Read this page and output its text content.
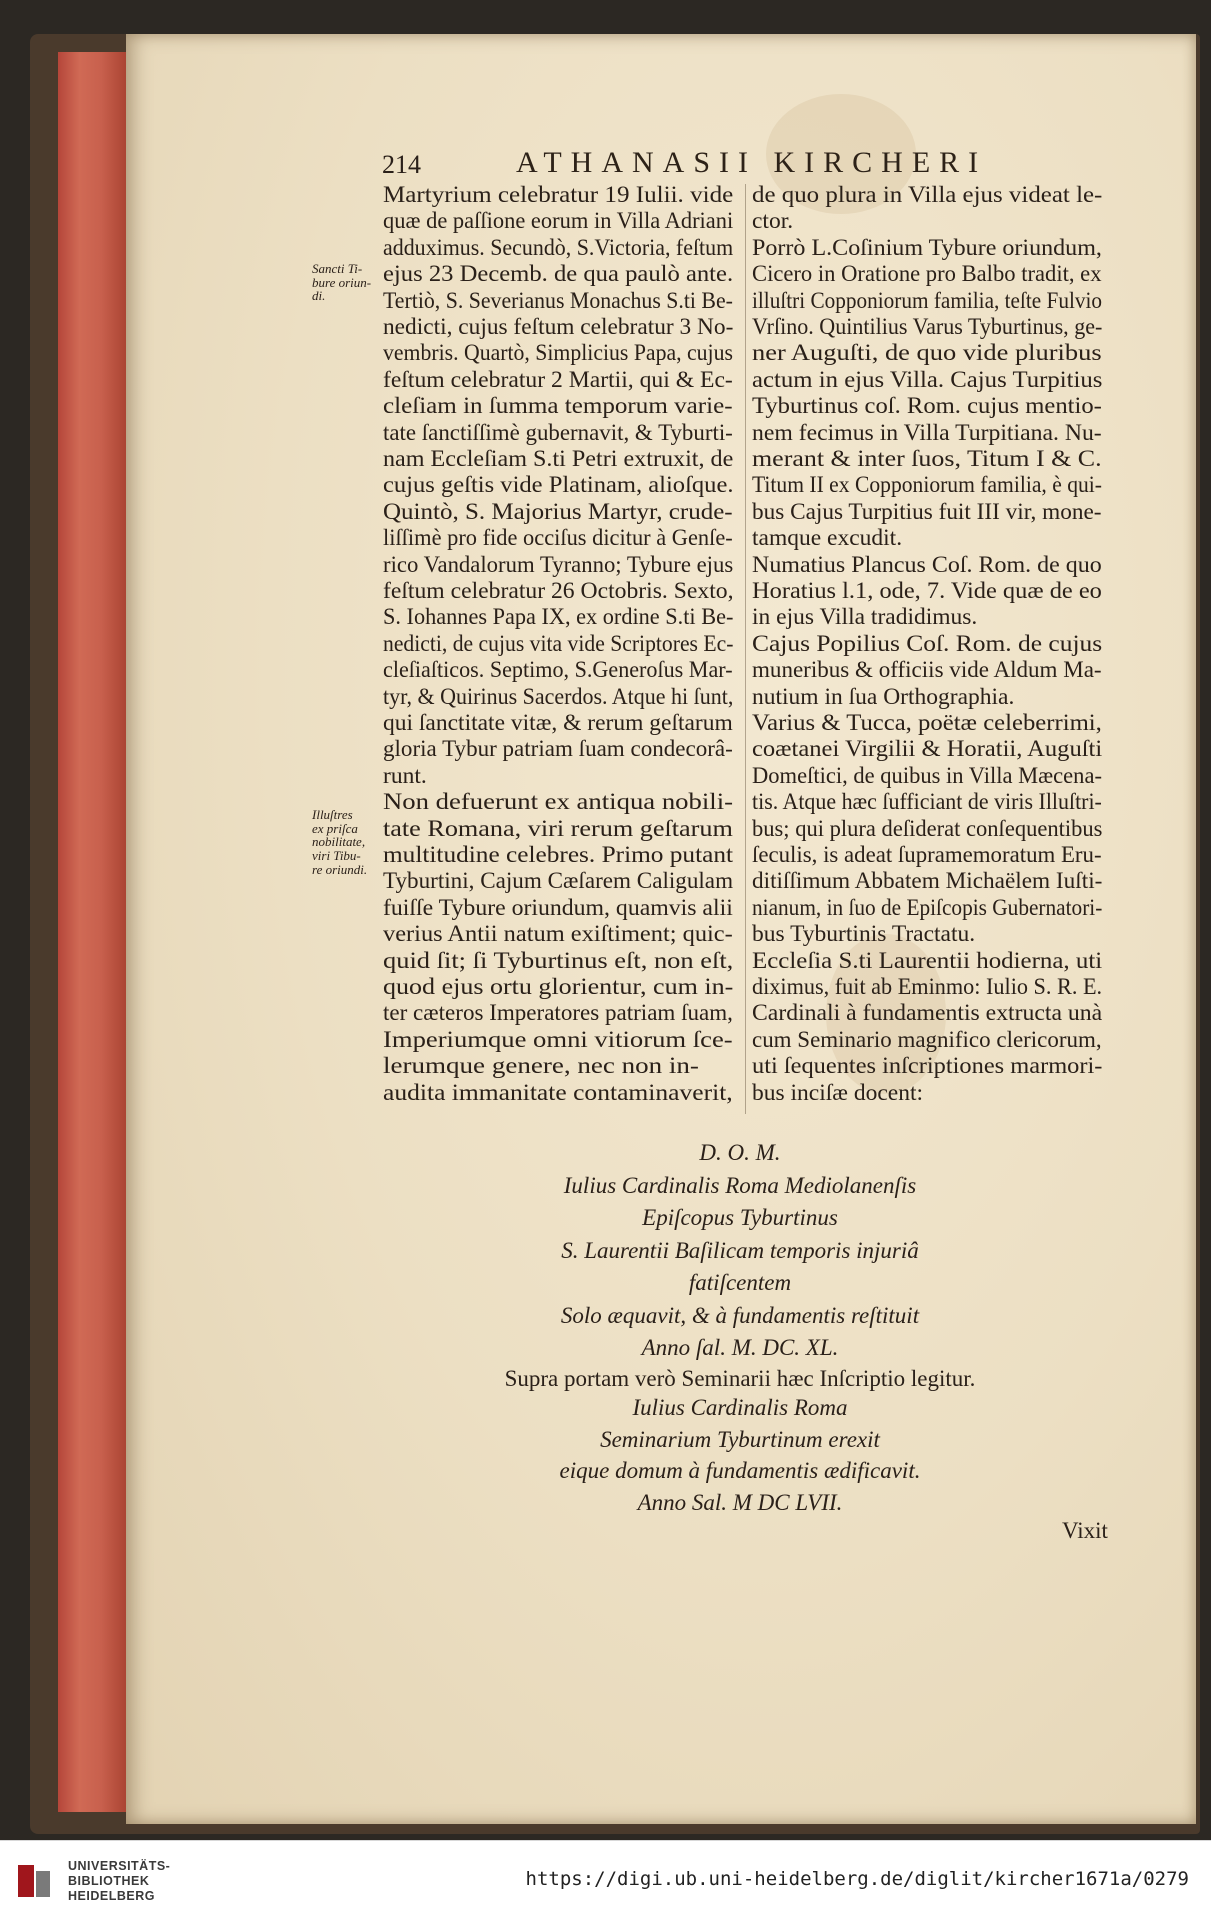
214	ATHANASII KIRCHERI
Martyrium celebratur 19 Iulii. vide
quæ de paſſione eorum in Villa Adriani
adduximus. Secundò, S.Victoria, feſtum
ejus 23 Decemb. de qua paulò ante.
Tertiò, S. Severianus Monachus S.ti Be-
nedicti, cujus feſtum celebratur 3 No-
vembris. Quartò, Simplicius Papa, cujus
feſtum celebratur 2 Martii, qui & Ec-
cleſiam in ſumma temporum varie-
tate ſanctiſſimè gubernavit, & Tyburti-
nam Eccleſiam S.ti Petri extruxit, de
cujus geſtis vide Platinam, alioſque.
Quintò, S. Majorius Martyr, crude-
liſſimè pro fide occiſus dicitur à Genſe-
rico Vandalorum Tyranno; Tybure ejus
feſtum celebratur 26 Octobris. Sexto,
S. Iohannes Papa IX, ex ordine S.ti Be-
nedicti, de cujus vita vide Scriptores Ec-
cleſiaſticos. Septimo, S.Generoſus Mar-
tyr, & Quirinus Sacerdos. Atque hi ſunt,
qui ſanctitate vitæ, & rerum geſtarum
gloria Tybur patriam ſuam condecorâ-
runt.
Non defuerunt ex antiqua nobili-
tate Romana, viri rerum geſtarum
multitudine celebres. Primo putant
Tyburtini, Cajum Cæſarem Caligulam
fuiſſe Tybure oriundum, quamvis alii
verius Antii natum exiſtiment; quic-
quid ſit; ſi Tyburtinus eſt, non eſt,
quod ejus ortu glorientur, cum in-
ter cæteros Imperatores patriam ſuam,
Imperiumque omni vitiorum ſce-
lerumque genere, nec non in-
audita immanitate contaminaverit,
de quo plura in Villa ejus videat le-
ctor.
Porrò L.Coſinium Tybure oriundum,
Cicero in Oratione pro Balbo tradit, ex
illuſtri Copponiorum familia, teſte Fulvio
Vrſino. Quintilius Varus Tyburtinus, ge-
ner Auguſti, de quo vide pluribus
actum in ejus Villa. Cajus Turpitius
Tyburtinus coſ. Rom. cujus mentio-
nem fecimus in Villa Turpitiana. Nu-
merant & inter ſuos, Titum I & C.
Titum II ex Copponiorum familia, è qui-
bus Cajus Turpitius fuit III vir, mone-
tamque excudit.
Numatius Plancus Coſ. Rom. de quo
Horatius l.1, ode, 7. Vide quæ de eo
in ejus Villa tradidimus.
Cajus Popilius Coſ. Rom. de cujus
muneribus & officiis vide Aldum Ma-
nutium in ſua Orthographia.
Varius & Tucca, poëtæ celeberrimi,
coætanei Virgilii & Horatii, Auguſti
Domeſtici, de quibus in Villa Mæcena-
tis. Atque hæc ſufficiant de viris Illuſtri-
bus; qui plura deſiderat conſequentibus
ſeculis, is adeat ſupramemoratum Eru-
ditiſſimum Abbatem Michaëlem Iuſti-
nianum, in ſuo de Epiſcopis Gubernatori-
bus Tyburtinis Tractatu.
Eccleſia S.ti Laurentii hodierna, uti
diximus, fuit ab Eminmo: Iulio S. R. E.
Cardinali à fundamentis extructa unà
cum Seminario magnifico clericorum,
uti ſequentes inſcriptiones marmori-
bus inciſæ docent:
Sancti Ti-
bure oriun-
di.
Illuſtres
ex priſca
nobilitate,
viri Tibu-
re oriundi.
D. O. M.
Iulius Cardinalis Roma Mediolanenſis
Epiſcopus Tyburtinus
S. Laurentii Baſilicam temporis injuriâ
fatiſcentem
Solo æquavit, & à fundamentis reſtituit
Anno ſal. M. DC. XL.
Supra portam verò Seminarii hæc Inſcriptio legitur.
Iulius Cardinalis Roma
Seminarium Tyburtinum erexit
eique domum à fundamentis ædificavit.
Anno Sal. M DC LVII.
Vixit
UNIVERSITÄTS-
BIBLIOTHEK
HEIDELBERG
https://digi.ub.uni-heidelberg.de/diglit/kircher1671a/0279
